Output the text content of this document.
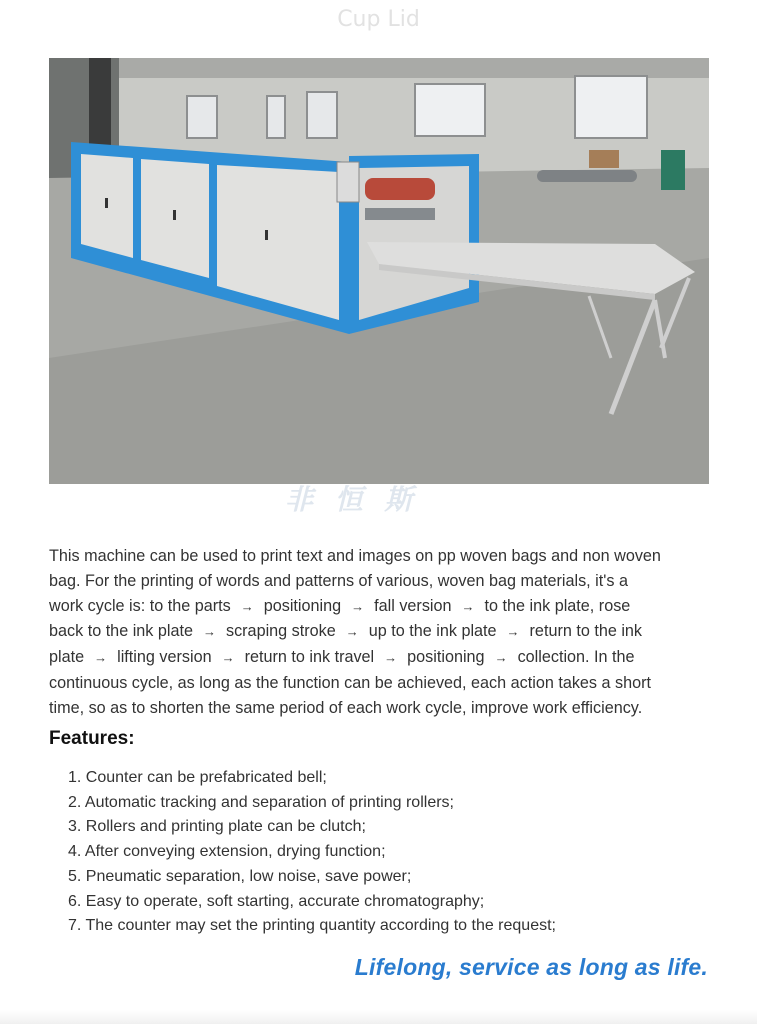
Cup Lid
非 恒 斯
This machine can be used to print text and images on pp woven bags and non woven
bag. For the printing of words and patterns of various, woven bag materials, it's a
work cycle is: to the parts → positioning → fall version → to the ink plate, rose
back to the ink plate → scraping stroke → up to the ink plate → return to the ink
plate → lifting version → return to ink travel → positioning → collection. In the
continuous cycle, as long as the function can be achieved, each action takes a short
time, so as to shorten the same period of each work cycle, improve work efficiency.
Features:
1. Counter can be prefabricated bell;
2. Automatic tracking and separation of printing rollers;
3. Rollers and printing plate can be clutch;
4. After conveying extension, drying function;
5. Pneumatic separation, low noise, save power;
6. Easy to operate, soft starting, accurate chromatography;
7. The counter may set the printing quantity according to the request;
Lifelong, service as long as life.
